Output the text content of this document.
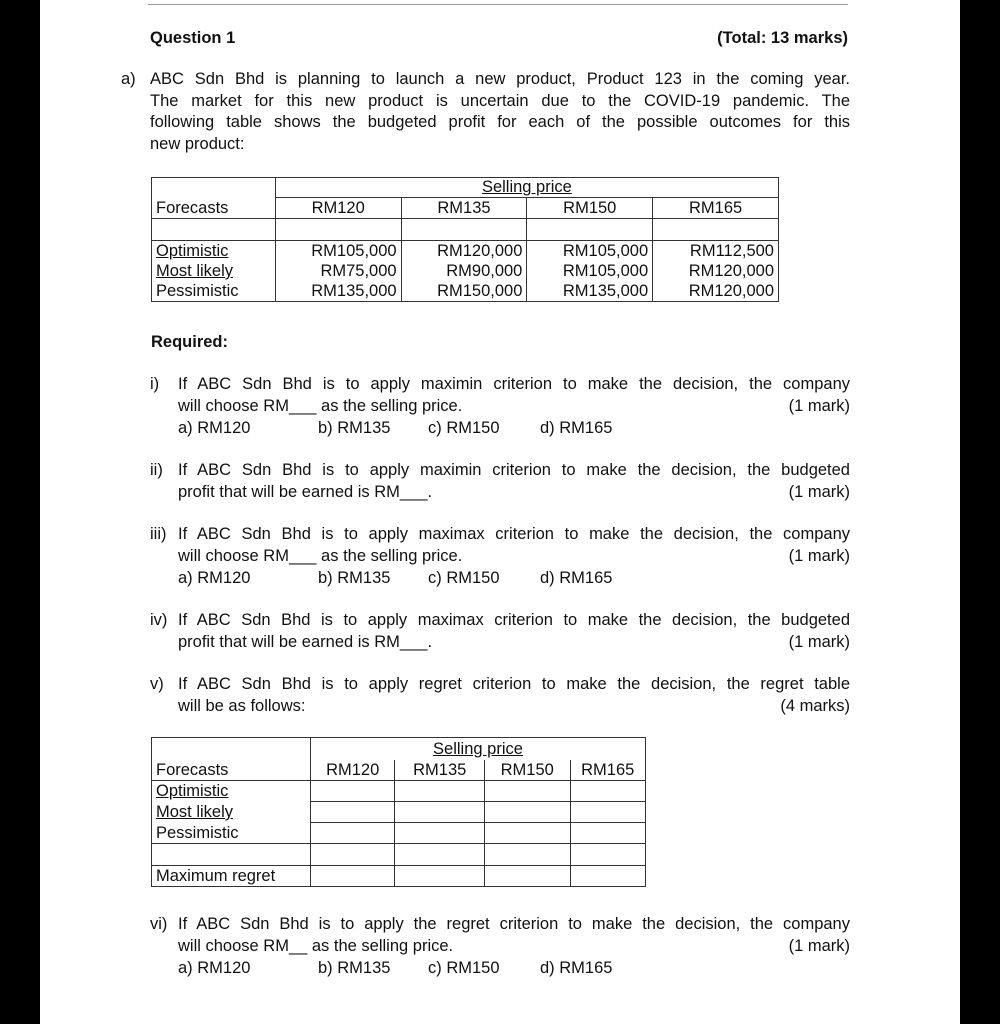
Question 1	(Total: 13 marks)
a) ABC Sdn Bhd is planning to launch a new product, Product 123 in the coming year.
The market for this new product is uncertain due to the COVID-19 pandemic. The
following table shows the budgeted profit for each of the possible outcomes for this
new product:
Forecasts	Selling price			
	RM120	RM135	RM150	RM165

Optimistic	RM105,000	RM120,000	RM105,000	RM112,500
Most likely	RM75,000	RM90,000	RM105,000	RM120,000
Pessimistic	RM135,000	RM150,000	RM135,000	RM120,000
Required:
i) If ABC Sdn Bhd is to apply maximin criterion to make the decision, the company
will choose RM___ as the selling price.	(1 mark)
a) RM120	b) RM135 c) RM150 d) RM165
ii) If ABC Sdn Bhd is to apply maximin criterion to make the decision, the budgeted
profit that will be earned is RM___.	(1 mark)
iii) If ABC Sdn Bhd is to apply maximax criterion to make the decision, the company
will choose RM___ as the selling price.	(1 mark)
a) RM120	b) RM135 c) RM150 d) RM165
iv) If ABC Sdn Bhd is to apply maximax criterion to make the decision, the budgeted
profit that will be earned is RM___.	(1 mark)
v) If ABC Sdn Bhd is to apply regret criterion to make the decision, the regret table
will be as follows:	(4 marks)
	Selling price			
Forecasts	RM120	RM135	RM150	RM165
Optimistic				
Most likely				
Pessimistic				

Maximum regret				
vi) If ABC Sdn Bhd is to apply the regret criterion to make the decision, the company
will choose RM__ as the selling price.	(1 mark)
a) RM120	b) RM135 c) RM150 d) RM165
